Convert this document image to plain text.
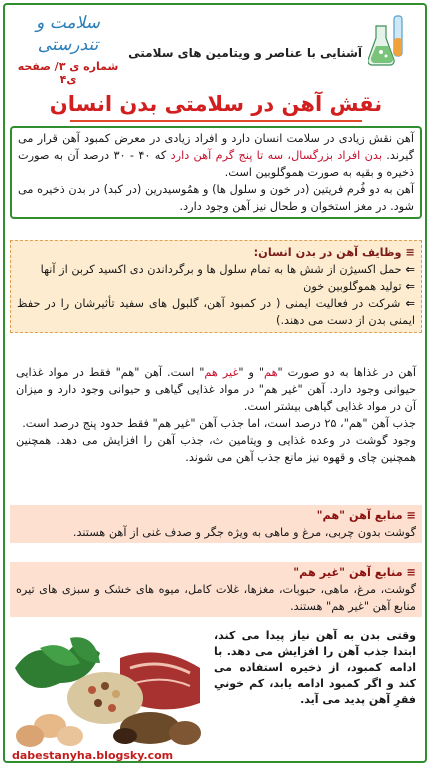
سلامت و تندرستی
شماره ی ۳/ صفحه ی۴
آشنایی با عناصر و ویتامین های سلامتی
نقش آهن در سلامتی بدن انسان
آهن نقش زیادی در سلامت انسان دارد و افراد زیادی در معرض کمبود آهن قرار می گیرند. بدن افراد بزرگسال، سه تا پنج گرم آهن دارد که ۴۰ - ۳۰ درصد آن به صورت ذخیره و بقیه به صورت هموگلوبین است.
آهن به دو فُرم فریتین (در خون و سلول ها) و همُوسیدرین (در کبد) در بدن ذخیره می شود. در مغز استخوان و طحال نیز آهن وجود دارد.
≡ وظایف آهن در بدن انسان:
⇐ حمل اکسیژن از شش ها به تمام سلول ها و برگرداندن دی اکسید کربن از آنها
⇐ تولید هموگلوبین خون
⇐ شرکت در فعالیت ایمنی ( در کمبود آهن، گلبول های سفید تأثیرشان را در حفظ ایمنی بدن از دست می دهند.)
آهن در غذاها به دو صورت "هم" و "غیر هم" است. آهن "هم" فقط در مواد غذایی حیوانی وجود دارد. آهن "غیر هم" در مواد غذایی گیاهی و حیوانی وجود دارد و میزان آن در مواد غذایی گیاهی بیشتر است.
جذب آهن "هم"، ۲۵ درصد است، اما جذب آهن "غیر هم" فقط حدود پنج درصد است.
وجود گوشت در وعده غذایی و ویتامین ث، جذب آهن را افزایش می دهد. همچنین همچنین چای و قهوه نیز مانع جذب آهن می شوند.
≡ منابع آهن "هم"
گوشت بدون چربی، مرغ و ماهی به ویژه جگر و صدف غنی از آهن هستند.
≡ منابع آهن "غیر هم"
گوشت، مرغ، ماهی، حبوبات، مغزها، غلات کامل، میوه های خشک و سبزی های تیره منابع آهن "غیر هم" هستند.
وقتی بدن به آهن نیاز پیدا می کند، ابتدا جذب آهن را افزایش می دهد. با ادامه کمبود، از ذخیره استفاده می کند و اگر کمبود ادامه یابد، کم خونیِ فقرِ آهن پدید می آید.
dabestanyha.blogsky.com
